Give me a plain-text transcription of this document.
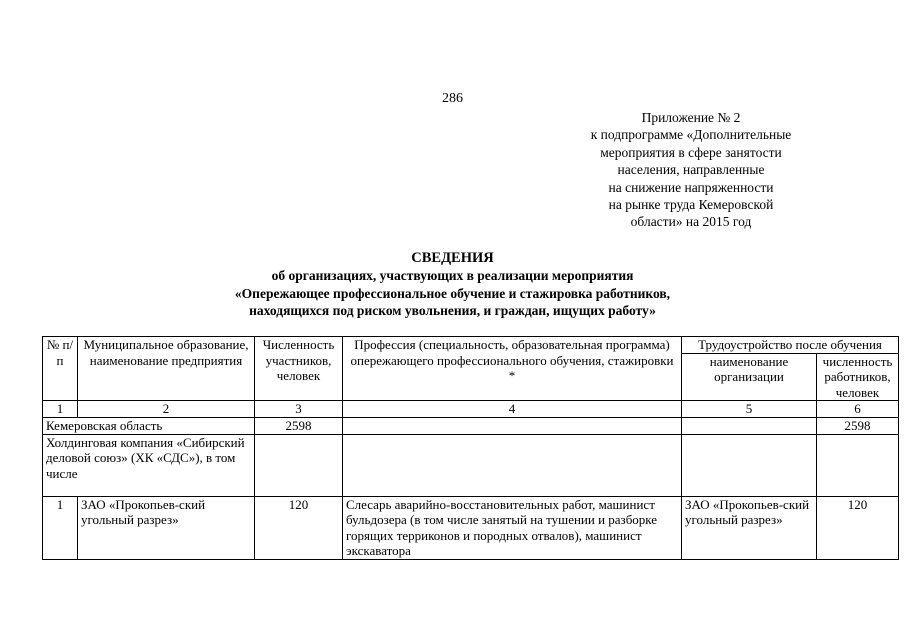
286
Приложение № 2
к подпрограмме «Дополнительные
мероприятия в сфере занятости
населения, направленные
на снижение напряженности
на рынке труда Кемеровской
области» на 2015 год
СВЕДЕНИЯ
об организациях, участвующих в реализации мероприятия
«Опережающее профессиональное обучение и стажировка работников,
находящихся под риском увольнения, и граждан, ищущих работу»
№ п/п	Муниципальное образование, наименование предприятия	Численность участников, человек	Профессия (специальность, образовательная программа) опережающего профессионального обучения, стажировки *	Трудоустройство после обучения	
				наименование организации	численность работников, человек
1	2	3	4	5	6
Кемеровская область		2598			2598
Холдинговая компания «Сибирский деловой союз» (ХК «СДС»), в том числе					
1	ЗАО «Прокопьев-ский угольный разрез»	120	Слесарь аварийно-восстановительных работ, машинист бульдозера (в том числе занятый на тушении и разборке горящих терриконов и породных отвалов), машинист экскаватора	ЗАО «Прокопьев-ский угольный разрез»	120
